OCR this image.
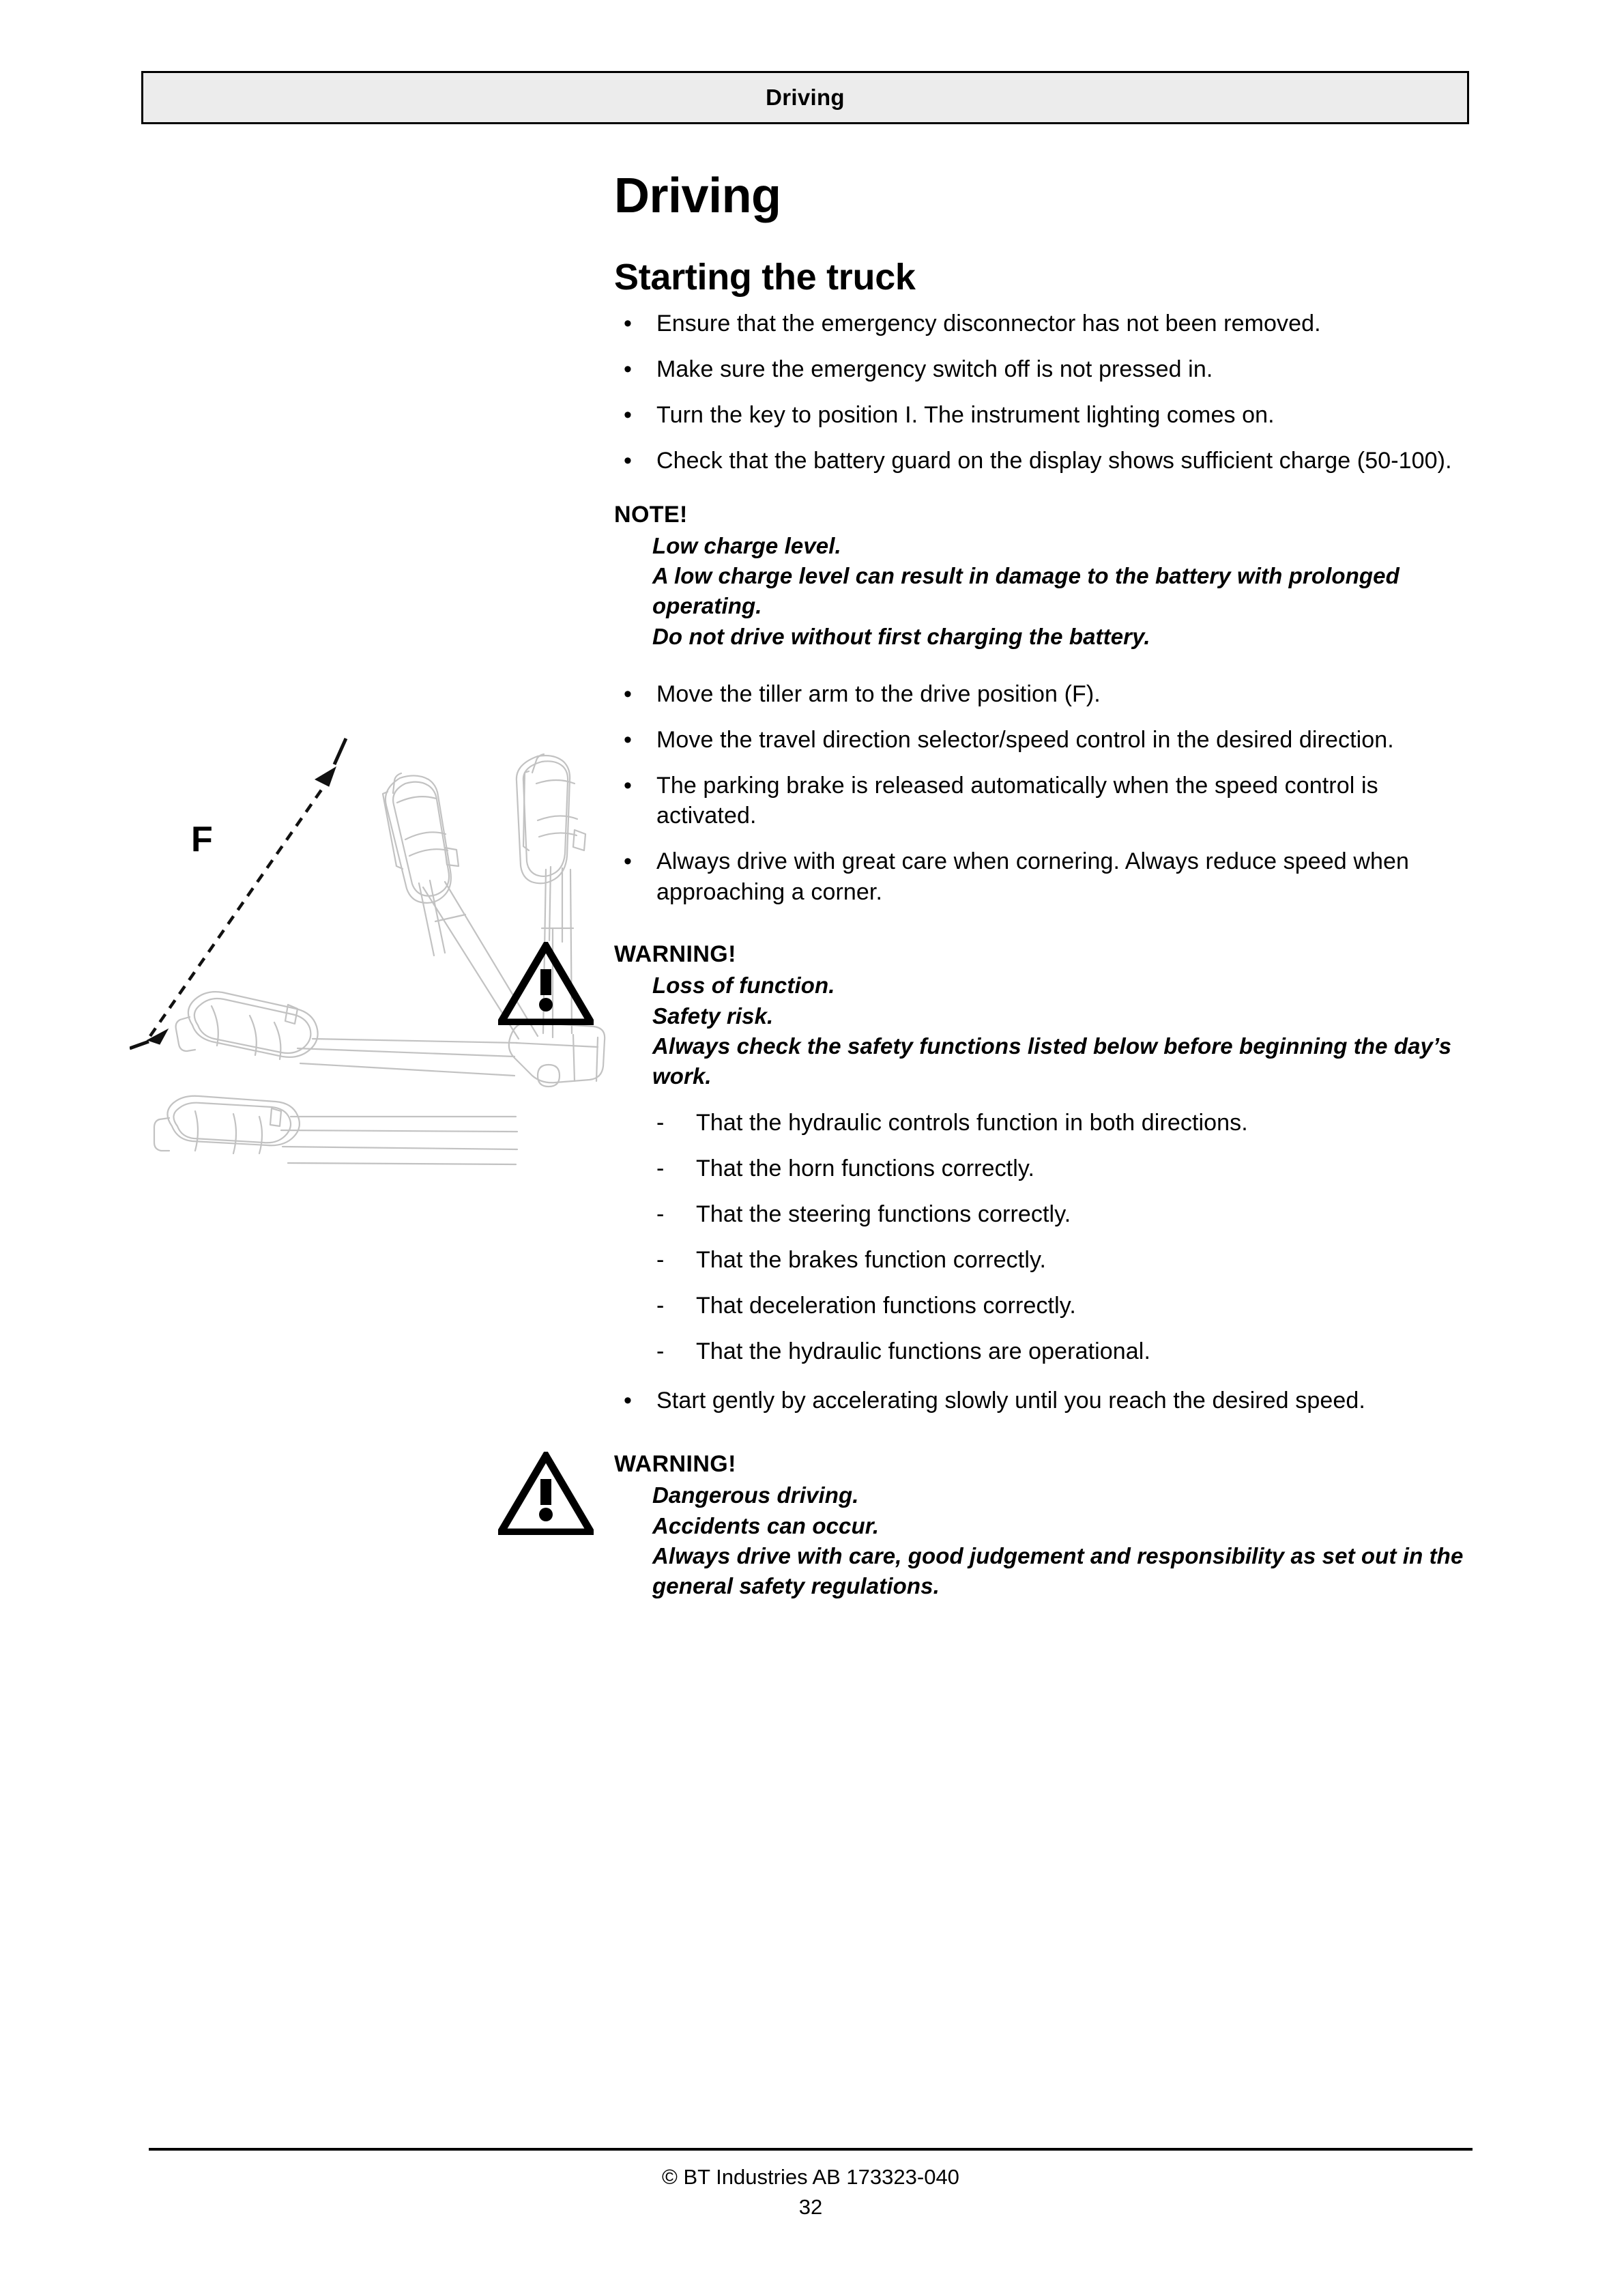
Driving
F
Driving
Starting the truck
• Ensure that the emergency disconnector has not been removed.
• Make sure the emergency switch off is not pressed in.
• Turn the key to position I. The instrument lighting comes on.
• Check that the battery guard on the display shows sufficient charge (50-100).
NOTE!

Low charge level.

A low charge level can result in damage to the battery with prolonged operating.

Do not drive without first charging the battery.

• Move the tiller arm to the drive position (F).
• Move the travel direction selector/speed control in the desired direction.
• The parking brake is released automatically when the speed control is activated.
• Always drive with great care when cornering. Always reduce speed when approaching a corner.
WARNING!

Loss of function.

Safety risk.

Always check the safety functions listed below before beginning the day’s work.

- That the hydraulic controls function in both directions.
- That the horn functions correctly.
- That the steering functions correctly.
- That the brakes function correctly.
- That deceleration functions correctly.
- That the hydraulic functions are operational.
• Start gently by accelerating slowly until you reach the desired speed.
WARNING!

Dangerous driving.

Accidents can occur.

Always drive with care, good judgement and responsibility as set out in the general safety regulations.

© BT Industries AB 173323-040
32
